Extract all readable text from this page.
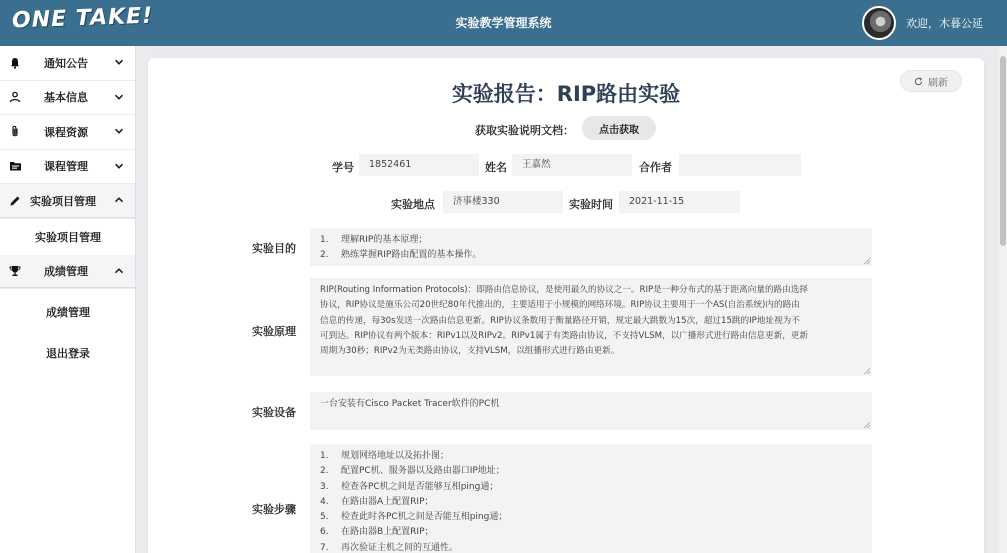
ONE TAKE!	实验教学管理系统	欢迎，木暮公延
通知公告
基本信息
课程资源
课程管理
实验项目管理
实验项目管理
成绩管理
成绩管理
退出登录
刷新
实验报告：RIP路由实验
获取实验说明文档：	点击获取
学号	1852461	姓名	王嘉然	合作者
实验地点	济事楼330	实验时间	2021-11-15
实验目的
1. 理解RIP的基本原理；
2. 熟练掌握RIP路由配置的基本操作。
实验原理
RIP(Routing Information Protocols)：即路由信息协议，是使用最久的协议之一。RIP是一种分布式的基于距离向量的路由选择
协议，RIP协议是施乐公司20世纪80年代推出的，主要适用于小规模的网络环境。RIP协议主要用于一个AS(自治系统)内的路由
信息的传递，每30s发送一次路由信息更新。RIP协议条数用于衡量路径开销，规定最大跳数为15次，超过15跳的IP地址视为不
可到达。RIP协议有两个版本：RIPv1以及RIPv2。RIPv1属于有类路由协议，不支持VLSM，以广播形式进行路由信息更新，更新
周期为30秒；RIPv2为无类路由协议，支持VLSM，以组播形式进行路由更新。
实验设备
一台安装有Cisco Packet Tracer软件的PC机
实验步骤
1. 规划网络地址以及拓扑图；
2. 配置PC机、服务器以及路由器口IP地址；
3. 检查各PC机之间是否能够互相ping通；
4. 在路由器A上配置RIP；
5. 检查此时各PC机之间是否能互相ping通；
6. 在路由器B上配置RIP；
7. 再次验证主机之间的互通性。
